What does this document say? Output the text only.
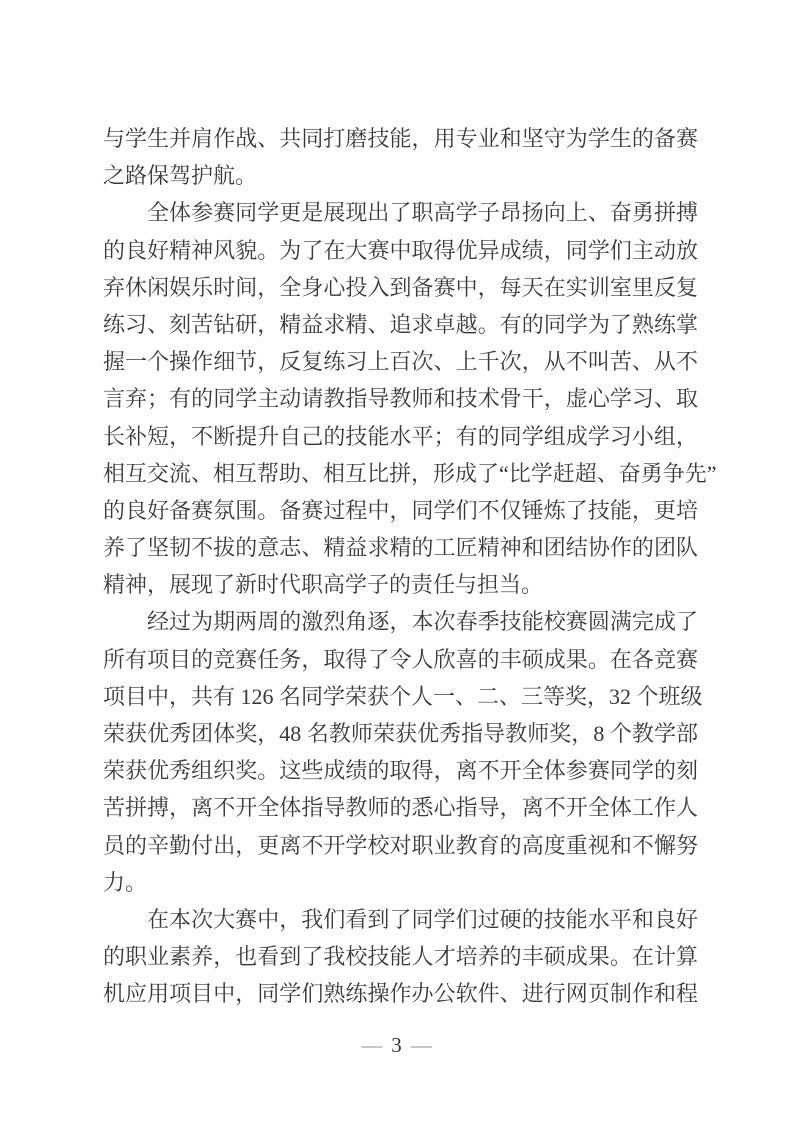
与学生并肩作战、共同打磨技能，用专业和坚守为学生的备赛
之路保驾护航。
全体参赛同学更是展现出了职高学子昂扬向上、奋勇拼搏
的良好精神风貌。为了在大赛中取得优异成绩，同学们主动放
弃休闲娱乐时间，全身心投入到备赛中，每天在实训室里反复
练习、刻苦钻研，精益求精、追求卓越。有的同学为了熟练掌
握一个操作细节，反复练习上百次、上千次，从不叫苦、从不
言弃；有的同学主动请教指导教师和技术骨干，虚心学习、取
长补短，不断提升自己的技能水平；有的同学组成学习小组，
相互交流、相互帮助、相互比拼，形成了“比学赶超、奋勇争先”
的良好备赛氛围。备赛过程中，同学们不仅锤炼了技能，更培
养了坚韧不拔的意志、精益求精的工匠精神和团结协作的团队
精神，展现了新时代职高学子的责任与担当。
经过为期两周的激烈角逐，本次春季技能校赛圆满完成了
所有项目的竞赛任务，取得了令人欣喜的丰硕成果。在各竞赛
项目中，共有 126 名同学荣获个人一、二、三等奖，32 个班级
荣获优秀团体奖，48 名教师荣获优秀指导教师奖，8 个教学部
荣获优秀组织奖。这些成绩的取得，离不开全体参赛同学的刻
苦拼搏，离不开全体指导教师的悉心指导，离不开全体工作人
员的辛勤付出，更离不开学校对职业教育的高度重视和不懈努
力。
在本次大赛中，我们看到了同学们过硬的技能水平和良好
的职业素养，也看到了我校技能人才培养的丰硕成果。在计算
机应用项目中，同学们熟练操作办公软件、进行网页制作和程
— 3 —
